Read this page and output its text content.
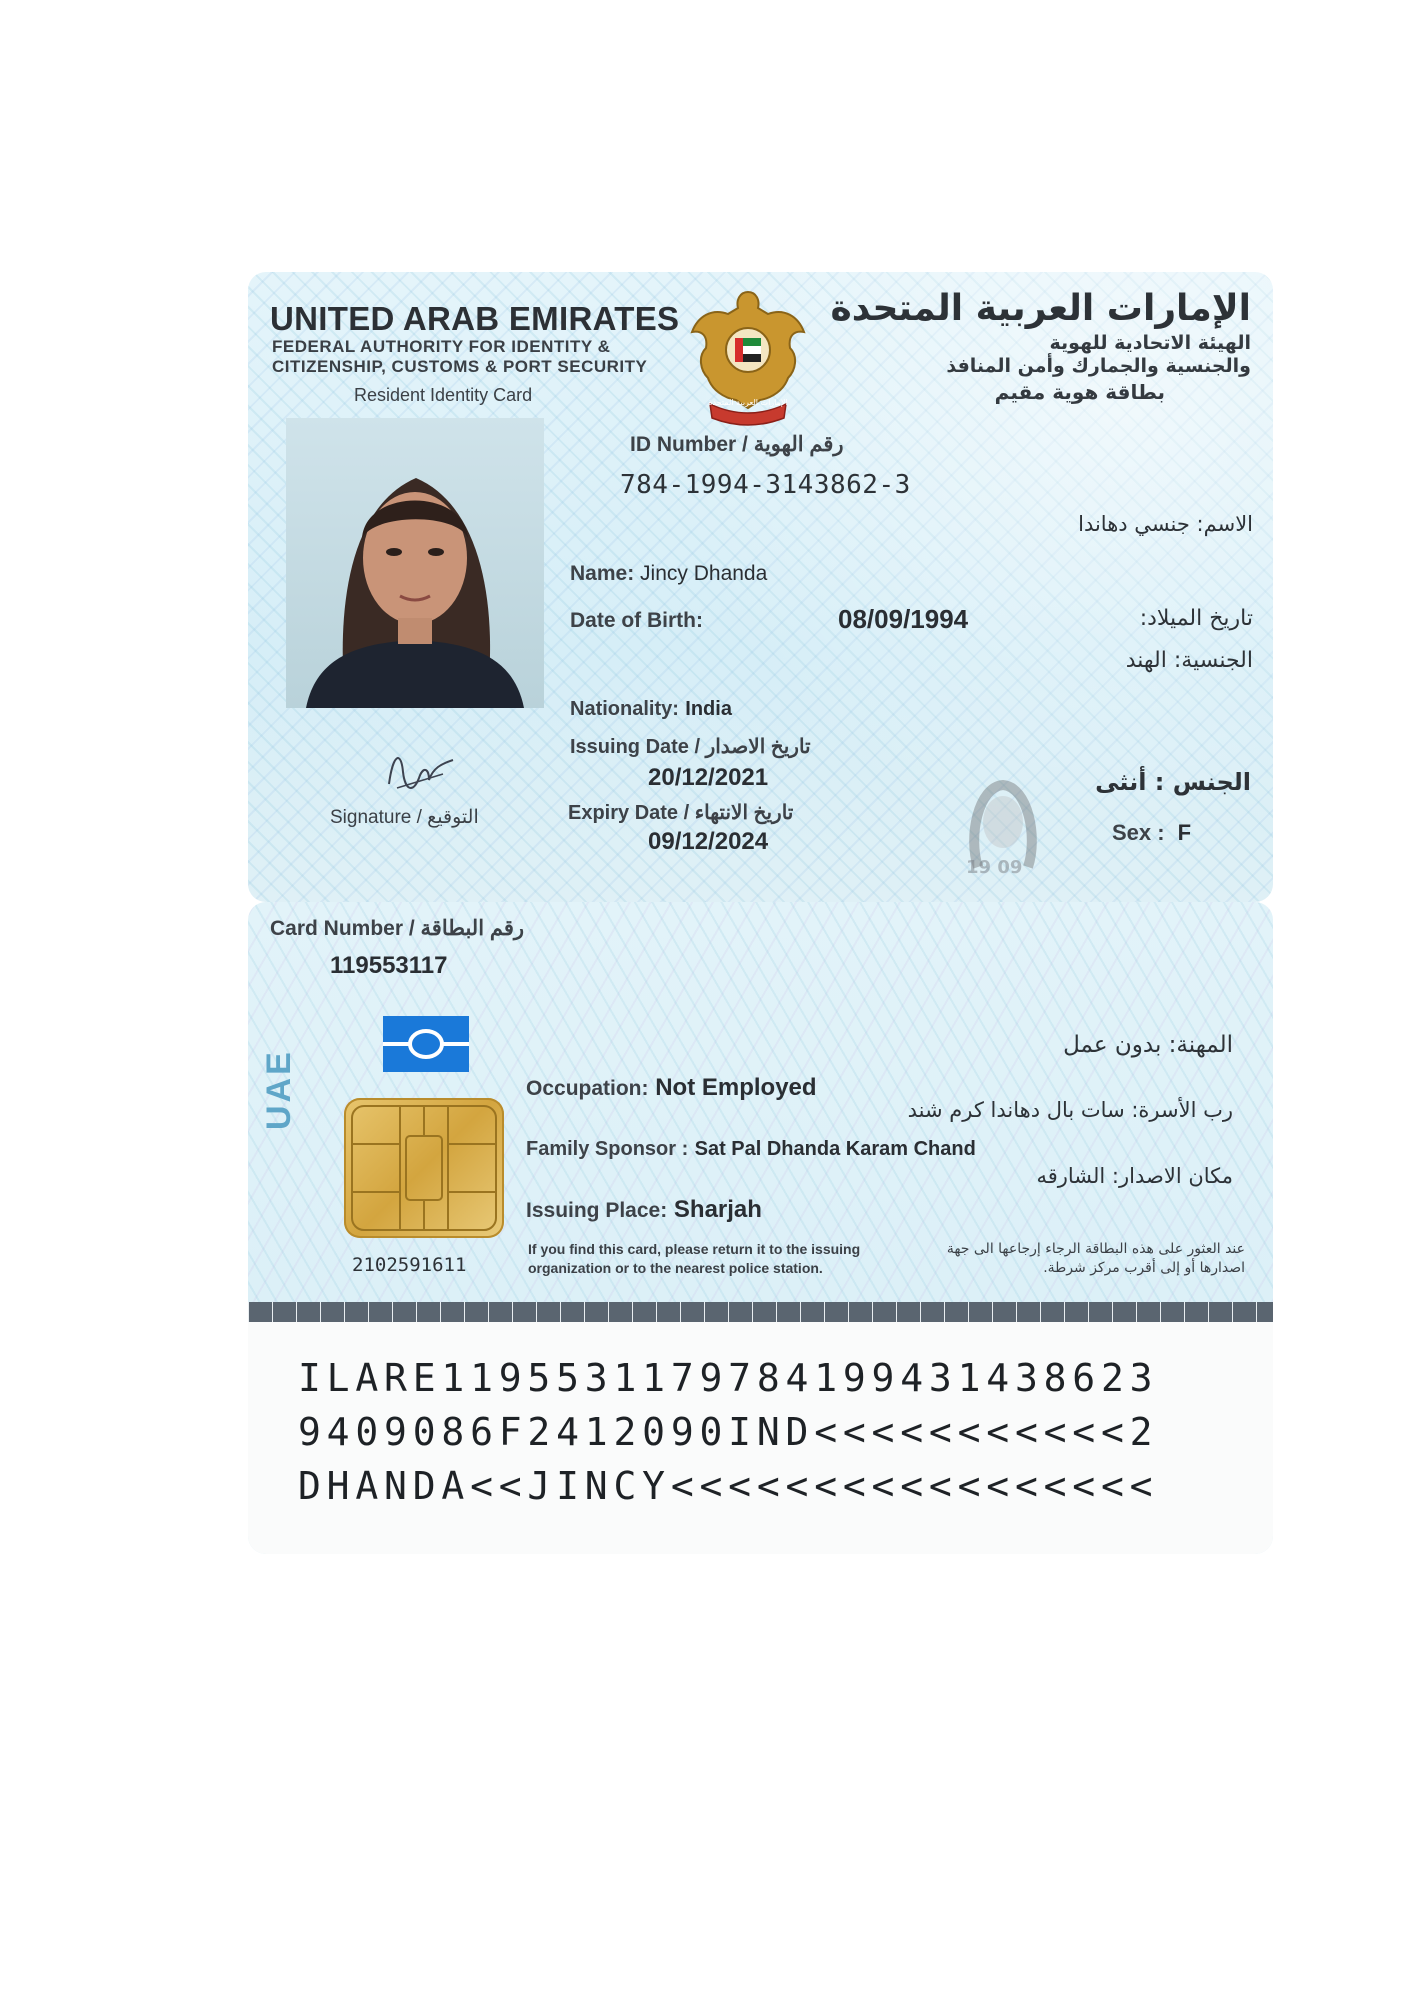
UNITED ARAB EMIRATES
FEDERAL AUTHORITY FOR IDENTITY &
CITIZENSHIP, CUSTOMS & PORT SECURITY
Resident Identity Card	الإمارات العربية المتحدة
الإمارات العربية المتحدة
الهيئة الاتحادية للهوية
والجنسية والجمارك وأمن المنافذ
بطاقة هوية مقيم
ID Number / رقم الهوية
784-1994-3143862-3
الاسم: جنسي دهاندا
Name: Jincy Dhanda
Date of Birth:	08/09/1994	تاريخ الميلاد:
الجنسية: الهند
Nationality: India
Issuing Date / تاريخ الاصدار
20/12/2021
Expiry Date / تاريخ الانتهاء
09/12/2024
Signature / التوقيع
19 09
الجنس : أنثى
Sex : F
Card Number / رقم البطاقة
119553117
UAE
2102591611
المهنة: بدون عمل
Occupation: Not Employed
رب الأسرة: سات بال دهاندا كرم شند
Family Sponsor : Sat Pal Dhanda Karam Chand
مكان الاصدار: الشارقه
Issuing Place: Sharjah
If you find this card, please return it to the issuing
organization or to the nearest police station.
عند العثور على هذه البطاقة الرجاء إرجاعها الى جهة
اصدارها أو إلى أقرب مركز شرطة.
ILARE1195531179784199431438623
9409086F2412090IND<<<<<<<<<<<2
DHANDA<<JINCY<<<<<<<<<<<<<<<<<
